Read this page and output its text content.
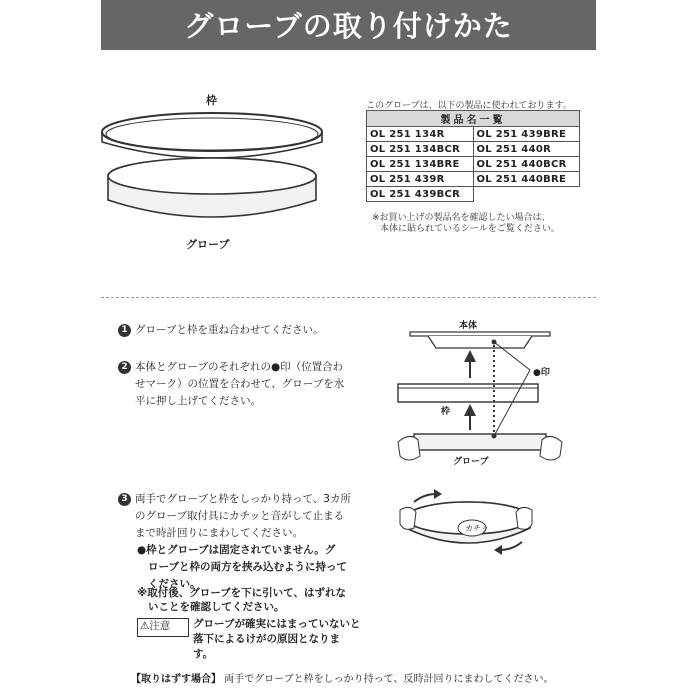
グローブの取り付けかた
枠
グローブ
このグローブは、以下の製品に使われております。
製品名一覧	
OL 251 134R	OL 251 439BRE
OL 251 134BCR	OL 251 440R
OL 251 134BRE	OL 251 440BCR
OL 251 439R	OL 251 440BRE
OL 251 439BCR	
※お買い上げの製品名を確認したい場合は、
本体に貼られているシールをご覧ください。
1 グローブと枠を重ね合わせてください。
2 本体とグローブのそれぞれの●印（位置合わ
せマーク）の位置を合わせて、グローブを水
平に押し上げてください。
本体
●印
枠
グローブ
3 両手でグローブと枠をしっかり持って、3カ所
のグローブ取付具にカチッと音がして止まる
まで時計回りにまわしてください。
●枠とグローブは固定されていません。グ
ローブと枠の両方を挟み込むように持って
ください。
※取付後、グローブを下に引いて、はずれな
いことを確認してください。
⚠注意 グローブが確実にはまっていないと
落下によるけがの原因となりま
す。
カチッ
【取りはずす場合】 両手でグローブと枠をしっかり持って、反時計回りにまわしてください。
